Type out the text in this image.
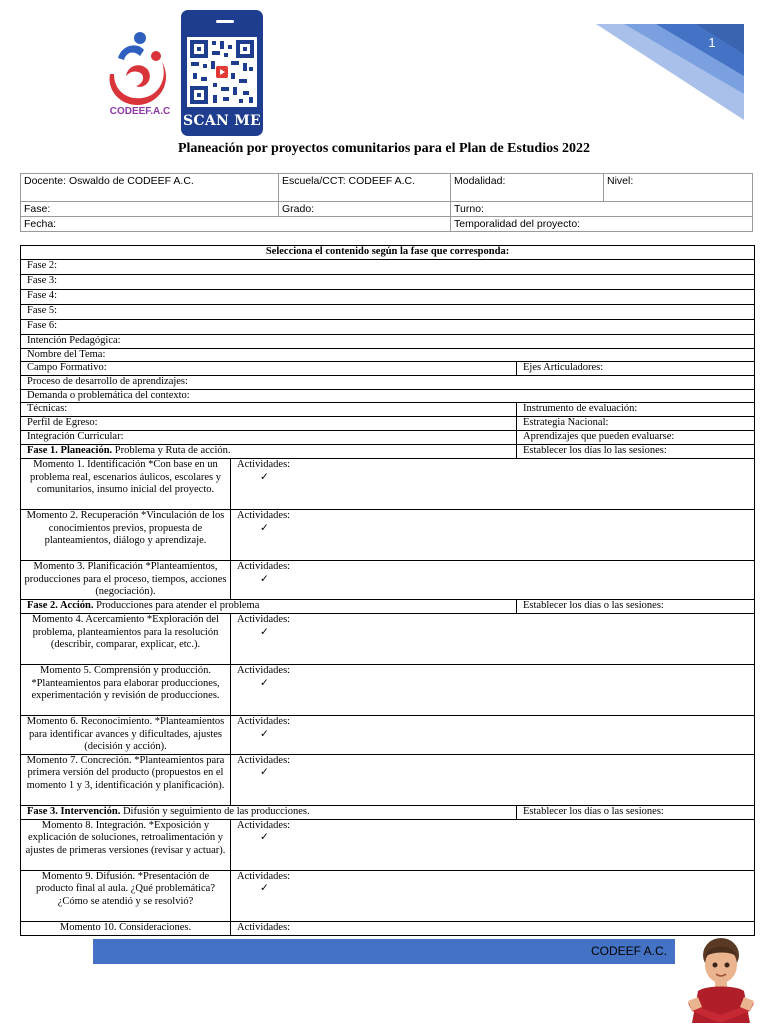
CODEEF.A.C
SCAN ME
1
Planeación por proyectos comunitarios para el Plan de Estudios 2022
Docente: Oswaldo de CODEEF A.C.	Escuela/CCT: CODEEF A.C.	Modalidad:	Nivel:
Fase:	Grado:	Turno:	
Fecha:		Temporalidad del proyecto:	
Selecciona el contenido según la fase que corresponda:		
Fase 2:		
Fase 3:		
Fase 4:		
Fase 5:		
Fase 6:		
Intención Pedagógica:		
Nombre del Tema:		
Campo Formativo:		Ejes Articuladores:
Proceso de desarrollo de aprendizajes:		
Demanda o problemática del contexto:		
Técnicas:		Instrumento de evaluación:
Perfil de Egreso:		Estrategia Nacional:
Integración Curricular:		Aprendizajes que pueden evaluarse:
Fase 1. Planeación. Problema y Ruta de acción.		Establecer los días lo las sesiones:
Momento 1. Identificación *Con base en un problema real, escenarios áulicos, escolares y comunitarios, insumo inicial del proyecto.	Actividades:
✓	

Momento 2. Recuperación *Vinculación de los conocimientos previos, propuesta de planteamientos, diálogo y aprendizaje.	Actividades:
✓	

Momento 3. Planificación *Planteamientos, producciones para el proceso, tiempos, acciones (negociación).	Actividades:
✓	

Fase 2. Acción. Producciones para atender el problema		Establecer los días o las sesiones:
Momento 4. Acercamiento *Exploración del problema, planteamientos para la resolución (describir, comparar, explicar, etc.).	Actividades:
✓	

Momento 5. Comprensión y producción. *Planteamientos para elaborar producciones, experimentación y revisión de producciones.	Actividades:
✓	

Momento 6. Reconocimiento. *Planteamientos para identificar avances y dificultades, ajustes (decisión y acción).	Actividades:
✓	

Momento 7. Concreción. *Planteamientos para primera versión del producto (propuestos en el momento 1 y 3, identificación y planificación).	Actividades:
✓	

Fase 3. Intervención. Difusión y seguimiento de las producciones.		Establecer los días o las sesiones:
Momento 8. Integración. *Exposición y explicación de soluciones, retroalimentación y ajustes de primeras versiones (revisar y actuar).	Actividades:
✓	

Momento 9. Difusión. *Presentación de producto final al aula. ¿Qué problemática? ¿Cómo se atendió y se resolvió?	Actividades:
✓	

Momento 10. Consideraciones.	Actividades:	
CODEEF A.C.
